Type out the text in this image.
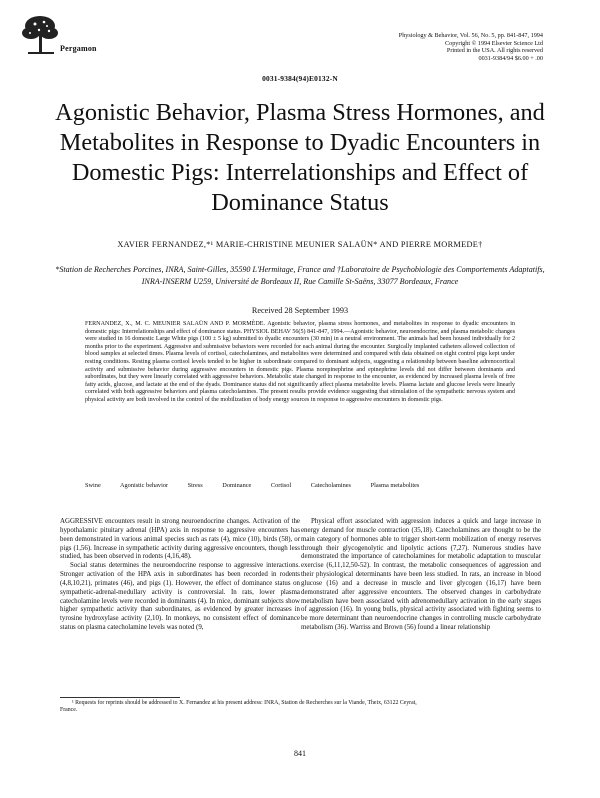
Pergamon
Physiology & Behavior, Vol. 56, No. 5, pp. 841-847, 1994
Copyright © 1994 Elsevier Science Ltd
Printed in the USA. All rights reserved
0031-9384/94 $6.00 + .00
0031-9384(94)E0132-N
Agonistic Behavior, Plasma Stress Hormones, and Metabolites in Response to Dyadic Encounters in Domestic Pigs: Interrelationships and Effect of Dominance Status
XAVIER FERNANDEZ,*¹ MARIE-CHRISTINE MEUNIER SALAÜN* AND PIERRE MORMEDE†
*Station de Recherches Porcines, INRA, Saint-Gilles, 35590 L'Hermitage, France and †Laboratoire de Psychobiologie des Comportements Adaptatifs, INRA-INSERM U259, Université de Bordeaux II, Rue Camille St-Saëns, 33077 Bordeaux, France
Received 28 September 1993
FERNANDEZ, X., M. C. MEUNIER SALAÜN AND P. MORMÈDE. Agonistic behavior, plasma stress hormones, and metabolites in response to dyadic encounters in domestic pigs: Interrelationships and effect of dominance status. PHYSIOL BEHAV 56(5) 841-847, 1994.—Agonistic behavior, neuroendocrine, and plasma metabolic changes were studied in 16 domestic Large White pigs (100 ± 5 kg) submitted to dyadic encounters (30 min) in a neutral environment. The animals had been housed individually for 2 months prior to the experiment. Aggressive and submissive behaviors were recorded for each animal during the encounter. Surgically implanted catheters allowed collection of blood samples at selected times. Plasma levels of cortisol, catecholamines, and metabolites were determined and compared with data obtained on eight control pigs kept under resting conditions. Resting plasma cortisol levels tended to be higher in subordinate compared to dominant subjects, suggesting a relationship between baseline adrenocortical activity and submissive behavior during aggressive encounters in domestic pigs. Plasma norepinephrine and epinephrine levels did not differ between dominants and subordinates, but they were linearly correlated with aggressive behaviors. Metabolic state changed in response to the encounter, as evidenced by increased plasma levels of free fatty acids, glucose, and lactate at the end of the dyads. Dominance status did not significantly affect plasma metabolite levels. Plasma lactate and glucose levels were linearly correlated with both aggressive behaviors and plasma catecholamines. The present results provide evidence suggesting that stimulation of the sympathetic nervous system and physical activity are both involved in the control of the mobilization of body energy sources in response to aggressive encounters in domestic pigs.
Swine	Agonistic behavior	Stress	Dominance	Cortisol	Catecholamines	Plasma metabolites

AGGRESSIVE encounters result in strong neuroendocrine changes. Activation of the hypothalamic pituitary adrenal (HPA) axis in response to aggressive encounters has been demonstrated in various animal species such as rats (4), mice (10), birds (58), or pigs (1,56). Increase in sympathetic activity during aggressive encounters, though less studied, has been observed in rodents (4,16,48).

Social status determines the neuroendocrine response to aggressive interactions. Stronger activation of the HPA axis in subordinates has been recorded in rodents (4,8,10,21), primates (46), and pigs (1). However, the effect of dominance status on sympathetic-adrenal-medullary activity is controversial. In rats, lower plasma catecholamine levels were recorded in dominants (4). In mice, dominant subjects show higher sympathetic activity than subordinates, as evidenced by greater increases in tyrosine hydroxylase activity (2,10). In monkeys, no consistent effect of dominance status on plasma catecholamine levels was noted (9,

Physical effort associated with aggression induces a quick and large increase in energy demand for muscle contraction (35,18). Catecholamines are thought to be the main category of hormones able to trigger short-term mobilization of energy reserves through their glycogenolytic and lipolytic actions (7,27). Numerous studies have demonstrated the importance of catecholamines for metabolic adaptation to muscular exercise (6,11,12,50-52). In contrast, the metabolic consequences of aggression and their physiological determinants have been less studied. In rats, an increase in blood glucose (16) and a decrease in muscle and liver glycogen (16,17) have been demonstrated after aggressive encounters. The observed changes in carbohydrate metabolism have been associated with adrenomedullary activation in the early stages of aggression (16). In young bulls, physical activity associated with fighting seems to be more determinant than neuroendocrine changes in controlling muscle carbohydrate metabolism (36). Warriss and Brown (56) found a linear relationship

¹ Requests for reprints should be addressed to X. Fernandez at his present address: INRA, Station de Recherches sur la Viande, Theix, 63122 Ceyrat,
France.
841
